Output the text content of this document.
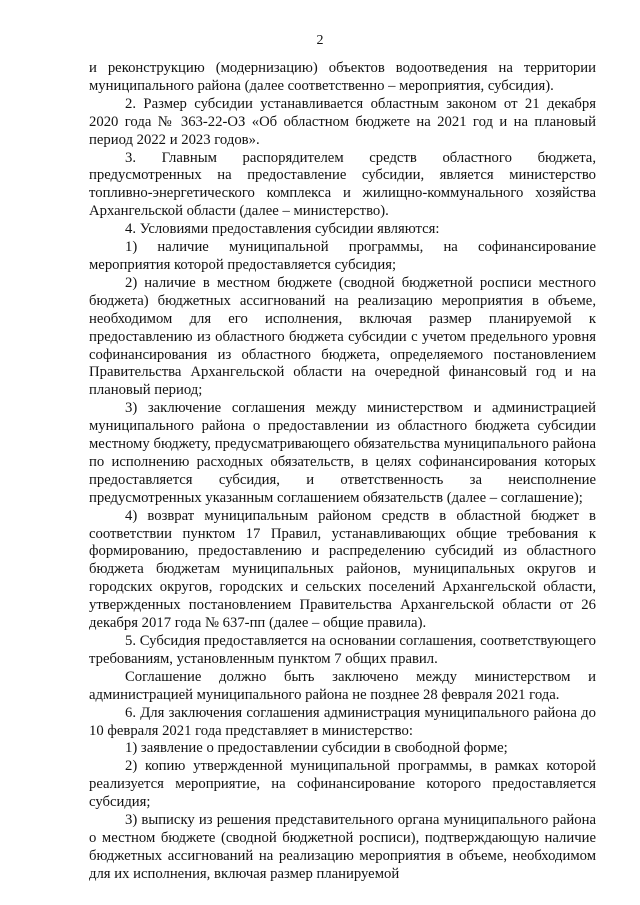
2

и реконструкцию (модернизацию) объектов водоотведения на территории муниципального района (далее соответственно – мероприятия, субсидия).

2. Размер субсидии устанавливается областным законом от 21 декабря 2020 года № 363-22-ОЗ «Об областном бюджете на 2021 год и на плановый период 2022 и 2023 годов».

3. Главным распорядителем средств областного бюджета, предусмотренных на предоставление субсидии, является министерство топливно-энергетического комплекса и жилищно-коммунального хозяйства Архангельской области (далее – министерство).

4. Условиями предоставления субсидии являются:

1) наличие муниципальной программы, на софинансирование мероприятия которой предоставляется субсидия;

2) наличие в местном бюджете (сводной бюджетной росписи местного бюджета) бюджетных ассигнований на реализацию мероприятия в объеме, необходимом для его исполнения, включая размер планируемой к предоставлению из областного бюджета субсидии с учетом предельного уровня софинансирования из областного бюджета, определяемого постановлением Правительства Архангельской области на очередной финансовый год и на плановый период;

3) заключение соглашения между министерством и администрацией муниципального района о предоставлении из областного бюджета субсидии местному бюджету, предусматривающего обязательства муниципального района по исполнению расходных обязательств, в целях софинансирования которых предоставляется субсидия, и ответственность за неисполнение предусмотренных указанным соглашением обязательств (далее – соглашение);

4) возврат муниципальным районом средств в областной бюджет в соответствии пунктом 17 Правил, устанавливающих общие требования к формированию, предоставлению и распределению субсидий из областного бюджета бюджетам муниципальных районов, муниципальных округов и городских округов, городских и сельских поселений Архангельской области, утвержденных постановлением Правительства Архангельской области от 26 декабря 2017 года № 637-пп (далее – общие правила).

5. Субсидия предоставляется на основании соглашения, соответствующего требованиям, установленным пунктом 7 общих правил.

Соглашение должно быть заключено между министерством и администрацией муниципального района не позднее 28 февраля 2021 года.

6. Для заключения соглашения администрация муниципального района до 10 февраля 2021 года представляет в министерство:

1) заявление о предоставлении субсидии в свободной форме;

2) копию утвержденной муниципальной программы, в рамках которой реализуется мероприятие, на софинансирование которого предоставляется субсидия;

3) выписку из решения представительного органа муниципального района о местном бюджете (сводной бюджетной росписи), подтверждающую наличие бюджетных ассигнований на реализацию мероприятия в объеме, необходимом для их исполнения, включая размер планируемой
